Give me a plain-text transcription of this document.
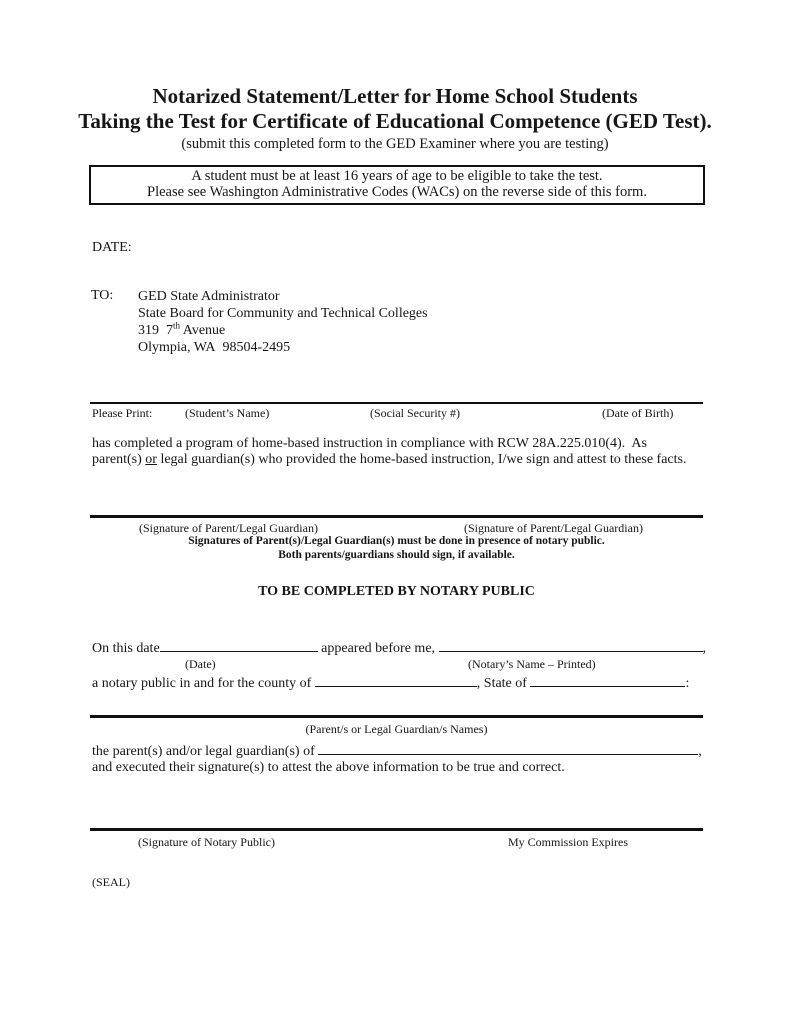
Notarized Statement/Letter for Home School Students
Taking the Test for Certificate of Educational Competence (GED Test).
(submit this completed form to the GED Examiner where you are testing)
A student must be at least 16 years of age to be eligible to take the test.
Please see Washington Administrative Codes (WACs) on the reverse side of this form.
DATE:
TO: GED State Administrator
State Board for Community and Technical Colleges
319  7th Avenue
Olympia, WA  98504-2495
Please Print:	(Student’s Name)	(Social Security #)	(Date of Birth)
has completed a program of home-based instruction in compliance with RCW 28A.225.010(4).  As
parent(s) or legal guardian(s) who provided the home-based instruction, I/we sign and attest to these facts.
(Signature of Parent/Legal Guardian)	(Signature of Parent/Legal Guardian)
Signatures of Parent(s)/Legal Guardian(s) must be done in presence of notary public.
Both parents/guardians should sign, if available.
TO BE COMPLETED BY NOTARY PUBLIC
On this date	appeared before me,	,
(Date)	(Notary’s Name – Printed)
a notary public in and for the county of	, State of	:
(Parent/s or Legal Guardian/s Names)
the parent(s) and/or legal guardian(s) of	,
and executed their signature(s) to attest the above information to be true and correct.
(Signature of Notary Public)	My Commission Expires
(SEAL)
